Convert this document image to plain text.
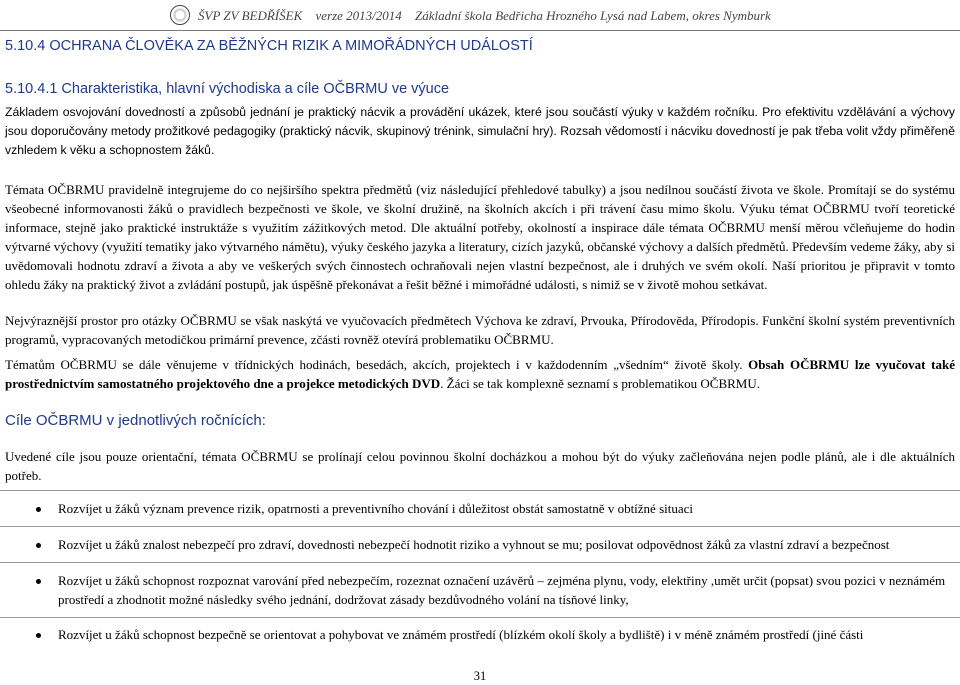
ŠVP ZV BEDŘÍŠEK verze 2013/2014 Základní škola Bedřicha Hrozného Lysá nad Labem, okres Nymburk
5.10.4 OCHRANA ČLOVĚKA ZA BĚŽNÝCH RIZIK A MIMOŘÁDNÝCH UDÁLOSTÍ
5.10.4.1 Charakteristika, hlavní východiska a cíle OČBRMU ve výuce

Základem osvojování dovedností a způsobů jednání je praktický nácvik a provádění ukázek, které jsou součástí výuky v každém ročníku. Pro efektivitu vzdělávání a výchovy jsou doporučovány metody prožitkové pedagogiky (praktický nácvik, skupinový trénink, simulační hry). Rozsah vědomostí i nácviku dovedností je pak třeba volit vždy přiměřeně vzhledem k věku a schopnostem žáků.

Témata OČBRMU pravidelně integrujeme do co nejširšího spektra předmětů (viz následující přehledové tabulky) a jsou nedílnou součástí života ve škole. Promítají se do systému všeobecné informovanosti žáků o pravidlech bezpečnosti ve škole, ve školní družině, na školních akcích i při trávení času mimo školu. Výuku témat OČBRMU tvoří teoretické informace, stejně jako praktické instruktáže s využitím zážitkových metod. Dle aktuální potřeby, okolností a inspirace dále témata OČBRMU menší měrou včleňujeme do hodin výtvarné výchovy (využití tematiky jako výtvarného námětu), výuky českého jazyka a literatury, cizích jazyků, občanské výchovy a dalších předmětů. Především vedeme žáky, aby si uvědomovali hodnotu zdraví a života a aby ve veškerých svých činnostech ochraňovali nejen vlastní bezpečnost, ale i druhých ve svém okolí. Naší prioritou je připravit v tomto ohledu žáky na praktický život a zvládání postupů, jak úspěšně překonávat a řešit běžné i mimořádné události, s nimiž se v životě mohou setkávat.

Nejvýraznější prostor pro otázky OČBRMU se však naskýtá ve vyučovacích předmětech Výchova ke zdraví, Prvouka, Přírodověda, Přírodopis. Funkční školní systém preventivních programů, vypracovaných metodičkou primární prevence, zčásti rovněž otevírá problematiku OČBRMU.

Tématům OČBRMU se dále věnujeme v třídnických hodinách, besedách, akcích, projektech i v každodenním „všedním“ životě školy. Obsah OČBRMU lze vyučovat také prostřednictvím samostatného projektového dne a projekce metodických DVD. Žáci se tak komplexně seznamí s problematikou OČBRMU.

Cíle OČBRMU v jednotlivých ročnících:

Uvedené cíle jsou pouze orientační, témata OČBRMU se prolínají celou povinnou školní docházkou a mohou být do výuky začleňována nejen podle plánů, ale i dle aktuálních potřeb.

Rozvíjet u žáků význam prevence rizik, opatrnosti a preventivního chování i důležitost obstát samostatně v obtížné situaci
Rozvíjet u žáků znalost nebezpečí pro zdraví, dovednosti nebezpečí hodnotit riziko a vyhnout se mu; posilovat odpovědnost žáků za vlastní zdraví a bezpečnost
Rozvíjet u žáků schopnost rozpoznat varování před nebezpečím, rozeznat označení uzávěrů – zejména plynu, vody, elektřiny ,umět určit (popsat) svou pozici v neznámém prostředí a zhodnotit možné následky svého jednání, dodržovat zásady bezdůvodného volání na tísňové linky,
Rozvíjet u žáků schopnost bezpečně se orientovat a pohybovat ve známém prostředí (blízkém okolí školy a bydliště) i v méně známém prostředí (jiné části
31
